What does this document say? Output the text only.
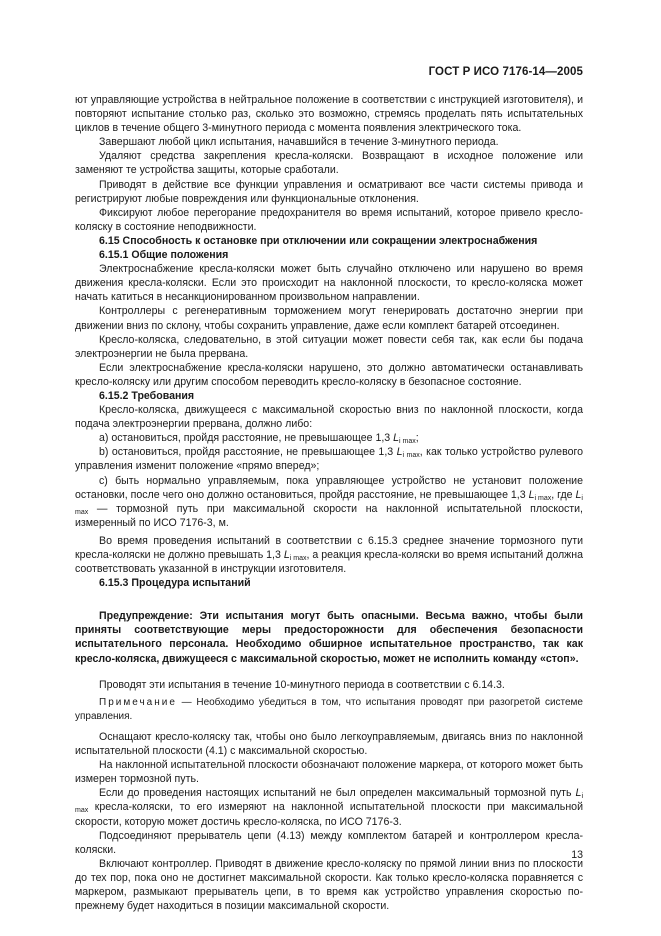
ГОСТ Р ИСО 7176-14—2005

ют управляющие устройства в нейтральное положение в соответствии с инструкцией изготовителя), и повторяют испытание столько раз, сколько это возможно, стремясь проделать пять испытательных циклов в течение общего 3-минутного периода с момента появления электрического тока.

Завершают любой цикл испытания, начавшийся в течение 3-минутного периода.

Удаляют средства закрепления кресла-коляски. Возвращают в исходное положение или заменяют те устройства защиты, которые сработали.

Приводят в действие все функции управления и осматривают все части системы привода и регистрируют любые повреждения или функциональные отклонения.

Фиксируют любое перегорание предохранителя во время испытаний, которое привело кресло-коляску в состояние неподвижности.

6.15 Способность к остановке при отключении или сокращении электроснабжения

6.15.1 Общие положения

Электроснабжение кресла-коляски может быть случайно отключено или нарушено во время движения кресла-коляски. Если это происходит на наклонной плоскости, то кресло-коляска может начать катиться в несанкционированном произвольном направлении.

Контроллеры с регенеративным торможением могут генерировать достаточно энергии при движении вниз по склону, чтобы сохранить управление, даже если комплект батарей отсоединен.

Кресло-коляска, следовательно, в этой ситуации может повести себя так, как если бы подача электроэнергии не была прервана.

Если электроснабжение кресла-коляски нарушено, это должно автоматически останавливать кресло-коляску или другим способом переводить кресло-коляску в безопасное состояние.

6.15.2 Требования

Кресло-коляска, движущееся с максимальной скоростью вниз по наклонной плоскости, когда подача электроэнергии прервана, должно либо:

a) остановиться, пройдя расстояние, не превышающее 1,3 $L_{i max}$;

b) остановиться, пройдя расстояние, не превышающее 1,3 $L_{i max}$, как только устройство рулевого управления изменит положение «прямо вперед»;

c) быть нормально управляемым, пока управляющее устройство не установит положение остановки, после чего оно должно остановиться, пройдя расстояние, не превышающее 1,3 $L_{i max}$, где $L_{i max}$ — тормозной путь при максимальной скорости на наклонной испытательной плоскости, измеренный по ИСО 7176-3, м.

Во время проведения испытаний в соответствии с 6.15.3 среднее значение тормозного пути кресла-коляски не должно превышать 1,3 $L_{i max}$, а реакция кресла-коляски во время испытаний должна соответствовать указанной в инструкции изготовителя.

6.15.3 Процедура испытаний

Предупреждение: Эти испытания могут быть опасными. Весьма важно, чтобы были приняты соответствующие меры предосторожности для обеспечения безопасности испытательного персонала. Необходимо обширное испытательное пространство, так как кресло-коляска, движущееся с максимальной скоростью, может не исполнить команду «стоп».

Проводят эти испытания в течение 10-минутного периода в соответствии с 6.14.3.

Примечание — Необходимо убедиться в том, что испытания проводят при разогретой системе управления.

Оснащают кресло-коляску так, чтобы оно было легкоуправляемым, двигаясь вниз по наклонной испытательной плоскости (4.1) с максимальной скоростью.

На наклонной испытательной плоскости обозначают положение маркера, от которого может быть измерен тормозной путь.

Если до проведения настоящих испытаний не был определен максимальный тормозной путь $L_{i max}$ кресла-коляски, то его измеряют на наклонной испытательной плоскости при максимальной скорости, которую может достичь кресло-коляска, по ИСО 7176-3.

Подсоединяют прерыватель цепи (4.13) между комплектом батарей и контроллером кресла-коляски.

Включают контроллер. Приводят в движение кресло-коляску по прямой линии вниз по плоскости до тех пор, пока оно не достигнет максимальной скорости. Как только кресло-коляска поравняется с маркером, размыкают прерыватель цепи, в то время как устройство управления скоростью по-прежнему будет находиться в позиции максимальной скорости.

13
